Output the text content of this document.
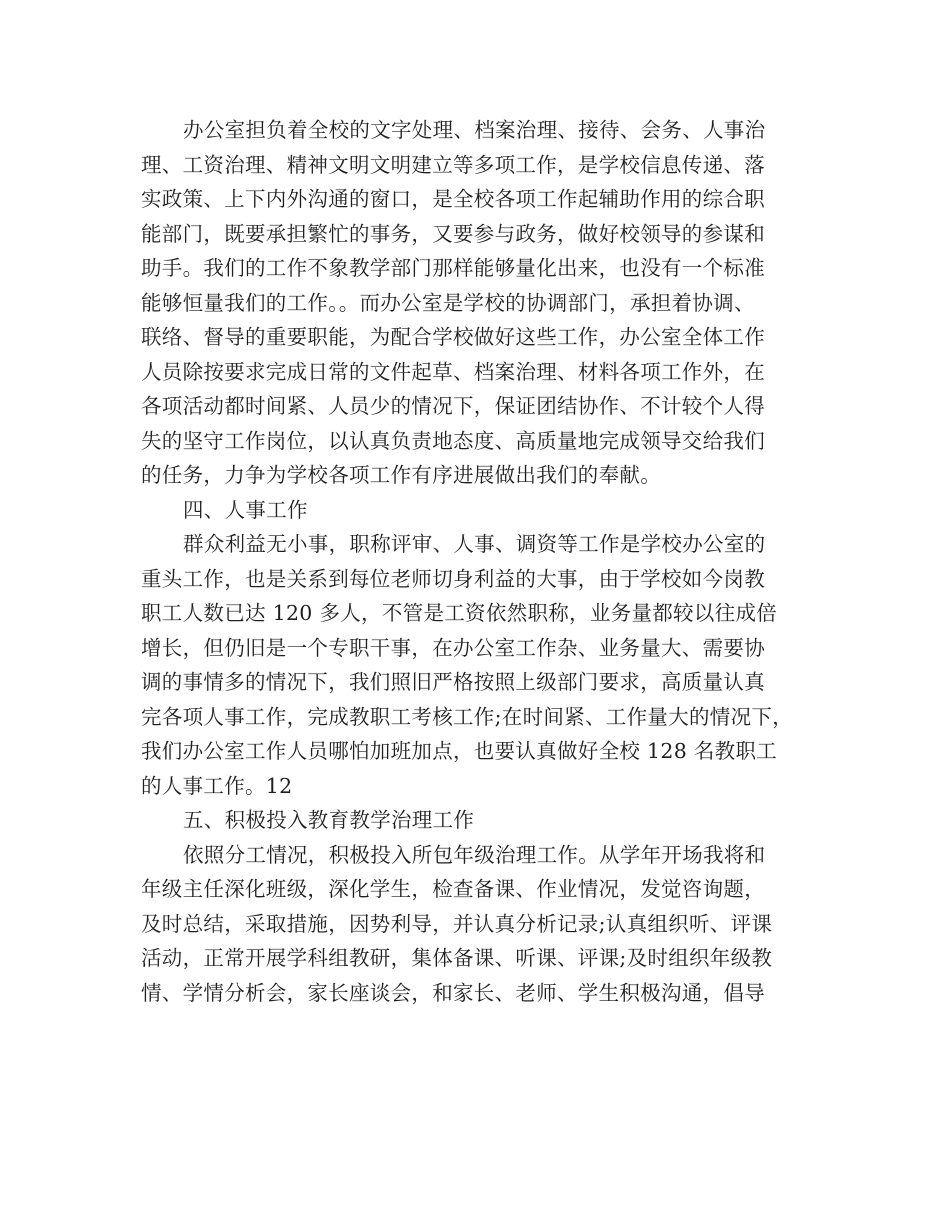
办公室担负着全校的文字处理、档案治理、接待、会务、人事治
理、工资治理、精神文明文明建立等多项工作，是学校信息传递、落
实政策、上下内外沟通的窗口，是全校各项工作起辅助作用的综合职
能部门，既要承担繁忙的事务，又要参与政务，做好校领导的参谋和
助手。我们的工作不象教学部门那样能够量化出来，也没有一个标准
能够恒量我们的工作。。而办公室是学校的协调部门，承担着协调、
联络、督导的重要职能，为配合学校做好这些工作，办公室全体工作
人员除按要求完成日常的文件起草、档案治理、材料各项工作外，在
各项活动都时间紧、人员少的情况下，保证团结协作、不计较个人得
失的坚守工作岗位，以认真负责地态度、高质量地完成领导交给我们
的任务，力争为学校各项工作有序进展做出我们的奉献。
四、人事工作
群众利益无小事，职称评审、人事、调资等工作是学校办公室的
重头工作，也是关系到每位老师切身利益的大事，由于学校如今岗教
职工人数已达 120 多人，不管是工资依然职称，业务量都较以往成倍
增长，但仍旧是一个专职干事，在办公室工作杂、业务量大、需要协
调的事情多的情况下，我们照旧严格按照上级部门要求，高质量认真
完各项人事工作，完成教职工考核工作;在时间紧、工作量大的情况下，
我们办公室工作人员哪怕加班加点，也要认真做好全校 128 名教职工
的人事工作。12
五、积极投入教育教学治理工作
依照分工情况，积极投入所包年级治理工作。从学年开场我将和
年级主任深化班级，深化学生，检查备课、作业情况，发觉咨询题，
及时总结，采取措施，因势利导，并认真分析记录;认真组织听、评课
活动，正常开展学科组教研，集体备课、听课、评课;及时组织年级教
情、学情分析会，家长座谈会，和家长、老师、学生积极沟通，倡导
